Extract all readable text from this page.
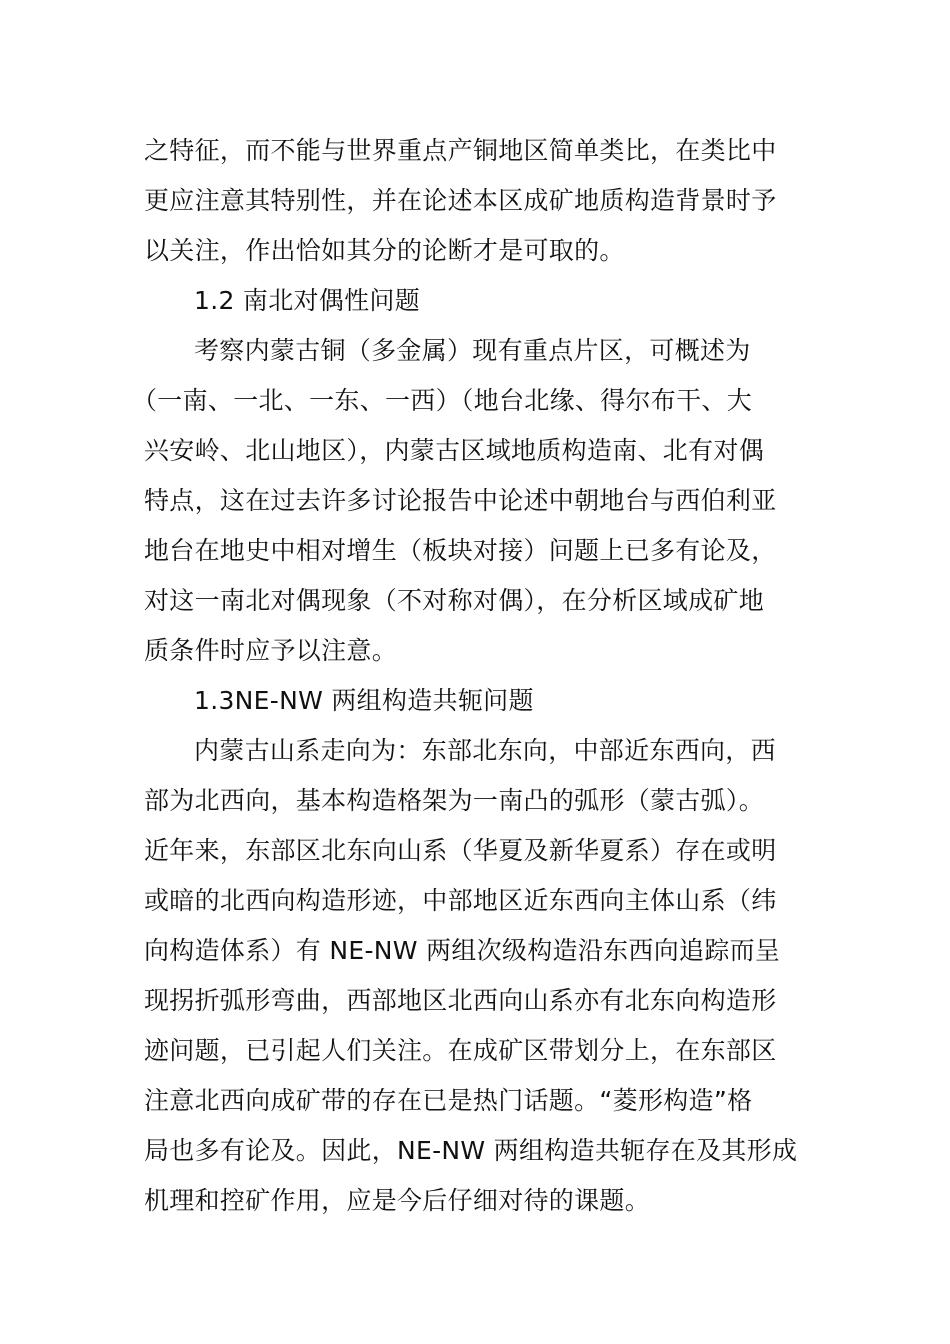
之特征，而不能与世界重点产铜地区简单类比，在类比中
更应注意其特别性，并在论述本区成矿地质构造背景时予
以关注，作出恰如其分的论断才是可取的。
1.2 南北对偶性问题
考察内蒙古铜（多金属）现有重点片区，可概述为
（一南、一北、一东、一西）（地台北缘、得尔布干、大
兴安岭、北山地区），内蒙古区域地质构造南、北有对偶
特点，这在过去许多讨论报告中论述中朝地台与西伯利亚
地台在地史中相对增生（板块对接）问题上已多有论及，
对这一南北对偶现象（不对称对偶），在分析区域成矿地
质条件时应予以注意。
1.3NE-NW 两组构造共轭问题
内蒙古山系走向为：东部北东向，中部近东西向，西
部为北西向，基本构造格架为一南凸的弧形（蒙古弧）。
近年来，东部区北东向山系（华夏及新华夏系）存在或明
或暗的北西向构造形迹，中部地区近东西向主体山系（纬
向构造体系）有 NE-NW 两组次级构造沿东西向追踪而呈
现拐折弧形弯曲，西部地区北西向山系亦有北东向构造形
迹问题，已引起人们关注。在成矿区带划分上，在东部区
注意北西向成矿带的存在已是热门话题。“菱形构造”格
局也多有论及。因此，NE-NW 两组构造共轭存在及其形成
机理和控矿作用，应是今后仔细对待的课题。
